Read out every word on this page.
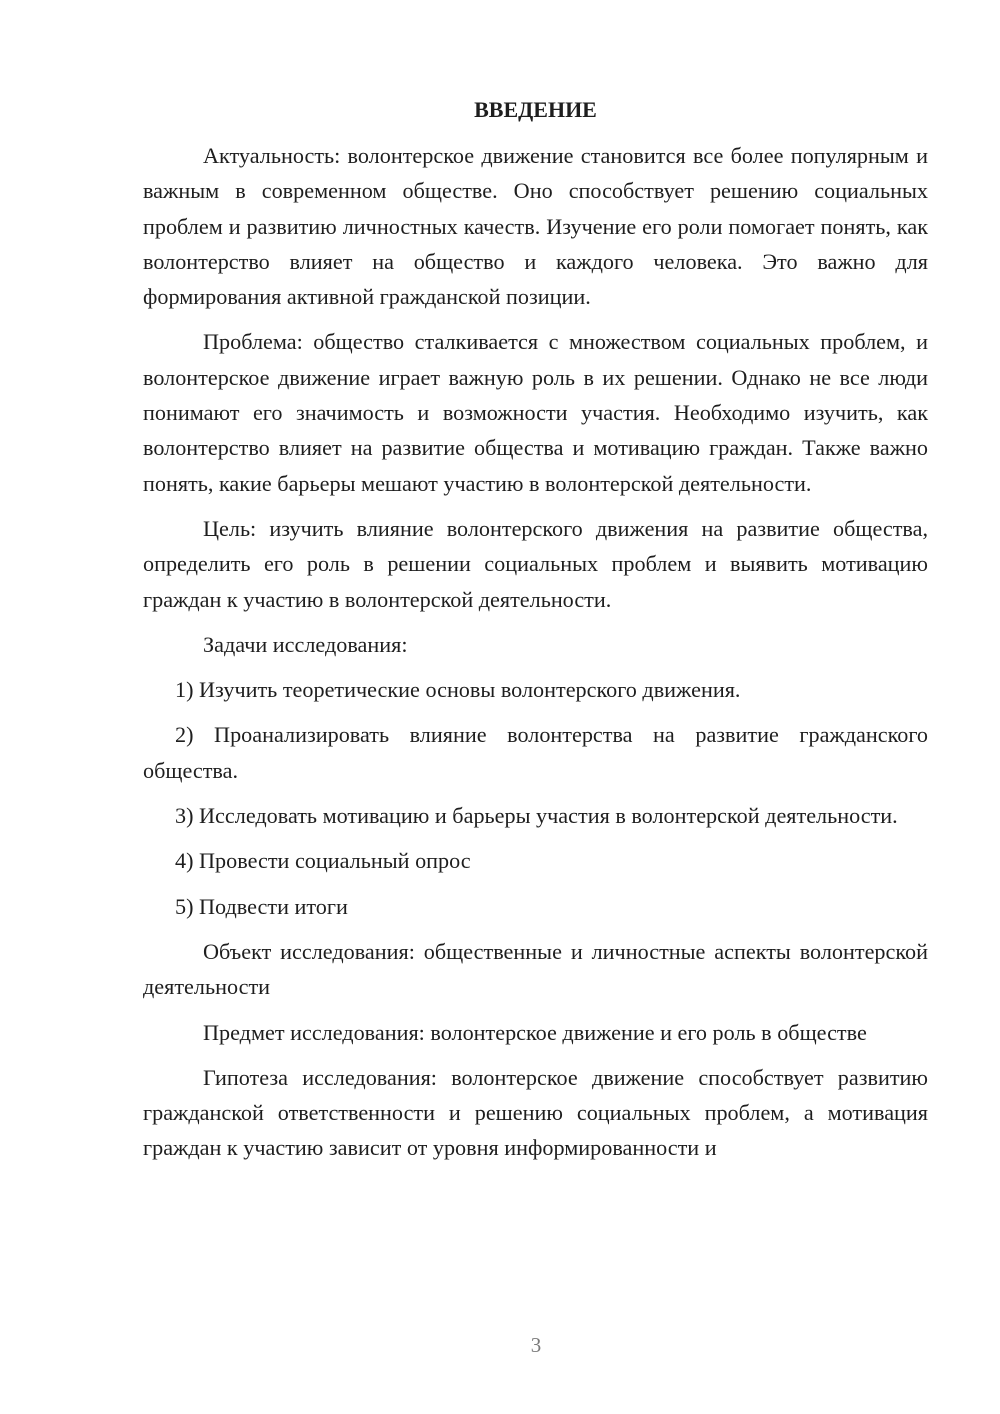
ВВЕДЕНИЕ

Актуальность: волонтерское движение становится все более популярным и важным в современном обществе. Оно способствует решению социальных проблем и развитию личностных качеств. Изучение его роли помогает понять, как волонтерство влияет на общество и каждого человека. Это важно для формирования активной гражданской позиции.

Проблема: общество сталкивается с множеством социальных проблем, и волонтерское движение играет важную роль в их решении. Однако не все люди понимают его значимость и возможности участия. Необходимо изучить, как волонтерство влияет на развитие общества и мотивацию граждан. Также важно понять, какие барьеры мешают участию в волонтерской деятельности.

Цель: изучить влияние волонтерского движения на развитие общества, определить его роль в решении социальных проблем и выявить мотивацию граждан к участию в волонтерской деятельности.

Задачи исследования:

1) Изучить теоретические основы волонтерского движения.

2) Проанализировать влияние волонтерства на развитие гражданского общества.

3) Исследовать мотивацию и барьеры участия в волонтерской деятельности.

4) Провести социальный опрос

5) Подвести итоги

Объект исследования: общественные и личностные аспекты волонтерской деятельности

Предмет исследования: волонтерское движение и его роль в обществе

Гипотеза исследования: волонтерское движение способствует развитию гражданской ответственности и решению социальных проблем, а мотивация граждан к участию зависит от уровня информированности и

3
